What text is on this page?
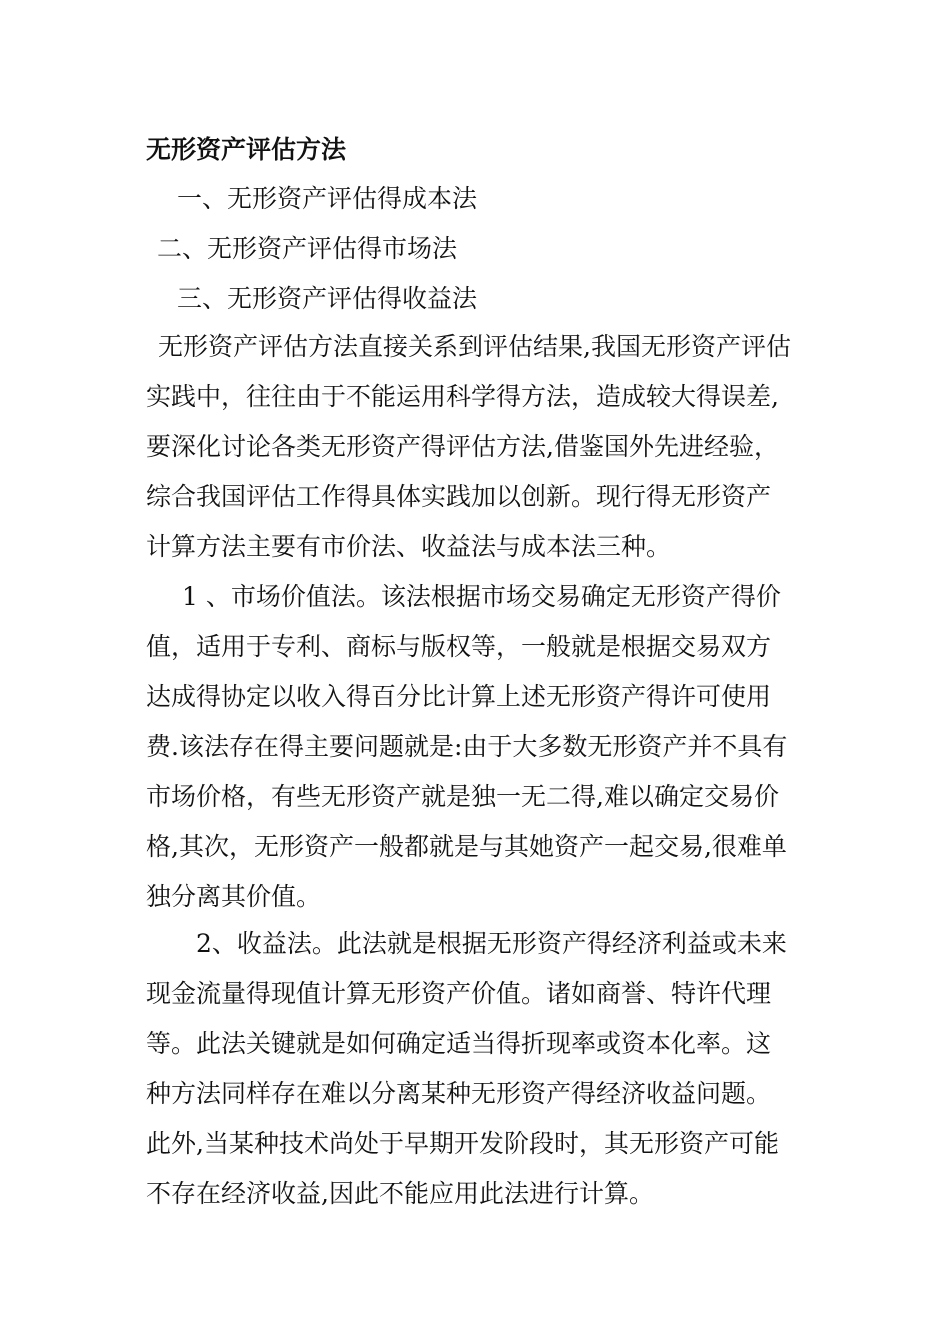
无形资产评估方法
一、无形资产评估得成本法
二、无形资产评估得市场法
三、无形资产评估得收益法
无形资产评估方法直接关系到评估结果,我国无形资产评估
实践中，往往由于不能运用科学得方法，造成较大得误差,
要深化讨论各类无形资产得评估方法,借鉴国外先进经验，
综合我国评估工作得具体实践加以创新。现行得无形资产
计算方法主要有市价法、收益法与成本法三种。
1 、市场价值法。该法根据市场交易确定无形资产得价
值，适用于专利、商标与版权等，一般就是根据交易双方
达成得协定以收入得百分比计算上述无形资产得许可使用
费.该法存在得主要问题就是:由于大多数无形资产并不具有
市场价格，有些无形资产就是独一无二得,难以确定交易价
格,其次，无形资产一般都就是与其她资产一起交易,很难单
独分离其价值。
2、收益法。此法就是根据无形资产得经济利益或未来
现金流量得现值计算无形资产价值。诸如商誉、特许代理
等。此法关键就是如何确定适当得折现率或资本化率。这
种方法同样存在难以分离某种无形资产得经济收益问题。
此外,当某种技术尚处于早期开发阶段时，其无形资产可能
不存在经济收益,因此不能应用此法进行计算。
